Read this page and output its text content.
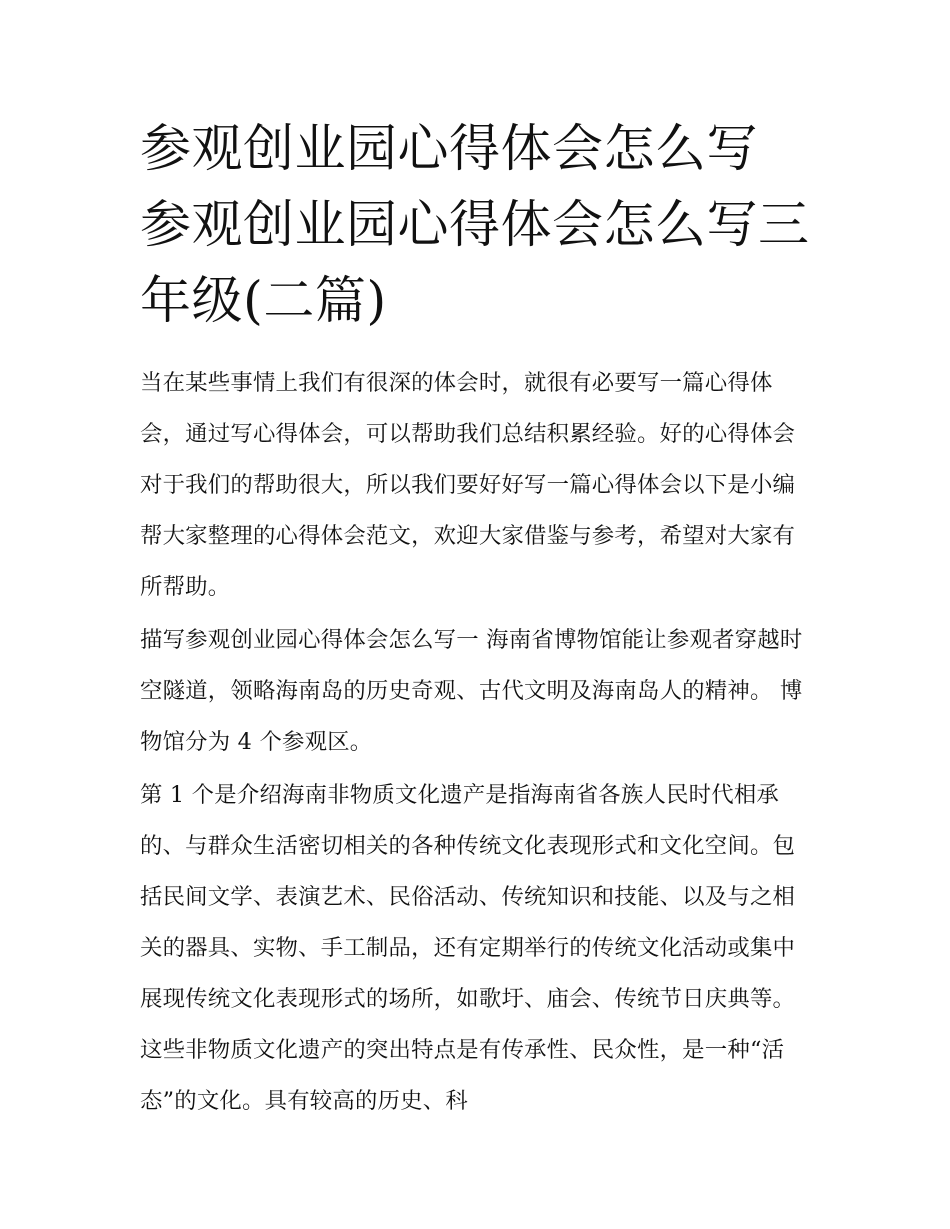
参观创业园心得体会怎么写 参观创业园心得体会怎么写三年级(二篇)

当在某些事情上我们有很深的体会时，就很有必要写一篇心得体会，通过写心得体会，可以帮助我们总结积累经验。好的心得体会对于我们的帮助很大，所以我们要好好写一篇心得体会以下是小编帮大家整理的心得体会范文，欢迎大家借鉴与参考，希望对大家有所帮助。

描写参观创业园心得体会怎么写一 海南省博物馆能让参观者穿越时空隧道，领略海南岛的历史奇观、古代文明及海南岛人的精神。 博物馆分为 4 个参观区。

第 1 个是介绍海南非物质文化遗产是指海南省各族人民时代相承的、与群众生活密切相关的各种传统文化表现形式和文化空间。包括民间文学、表演艺术、民俗活动、传统知识和技能、以及与之相关的器具、实物、手工制品，还有定期举行的传统文化活动或集中展现传统文化表现形式的场所，如歌圩、庙会、传统节日庆典等。这些非物质文化遗产的突出特点是有传承性、民众性，是一种“活态”的文化。具有较高的历史、科
